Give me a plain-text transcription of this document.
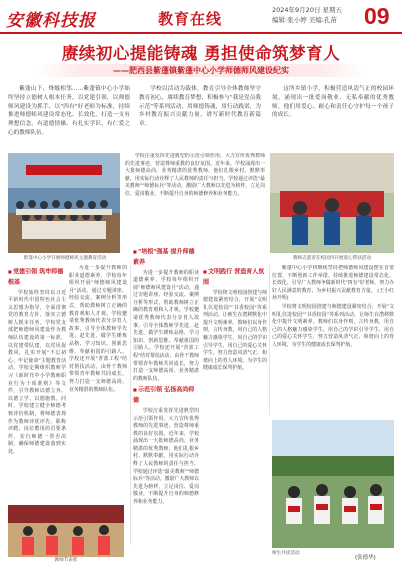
安徽科技报	教育在线	2024年9月20日 星期五
编辑:张小婷 美编:孔苗 09
赓续初心提能铸魂 勇担使命筑梦育人
——肥西县紫蓬镇紫蓬中心小学师德师风建设纪实
紫蓬山下，烽燧相邻……紫蓬镇中心小学始终坚持立德树人根本任务，以党建引领，以师德师风建设为抓手，以"四有"好老师为标准，持续推进师德师风建设常态化、长效化，打造一支有理想信念、有道德情操、有扎实学识、有仁爱之心的教师队伍。
学校以活动为载体，教育引导全体教师坚守教育初心，赓续教育梦想，积极参与"我是党员我示范"等系列活动，用师德铸魂，用行动践诺，为乡村教育振兴贡献力量，谱写新时代教育新篇章。
这所乡镇小学，积极营造风清气正的校园环境，涌现出一批爱岗敬业、无私奉献的优秀教师，他们用爱心、耐心和责任心守护每一个孩子的成长。
紫蓬中心小学开展师德师风主题教育活动	教师志愿者在校园内开展爱心帮扶活动
■ 党建引领 筑牢师德根基

学校始终坚持以习近平新时代中国特色社会主义思想为指导，全面贯彻党的教育方针，落实立德树人根本任务。学校党支部把师德师风建设作为教师队伍建设的第一标准，以党建带队建，以党风促教风，扎实开展"不忘初心、牢记使命"主题教育活动。学校定期组织教师学习《新时代中小学教师职业行为十项准则》等文件，引导教师以德立身、以德立学、以德施教。同时，学校建立健全师德考核评价机制，将师德表现作为教师评优评先、职称评聘、岗位聘用的首要条件，实行师德一票否决制，确保师德建设落到实处。

为进一步提升教师的职业道德素养，学校每年组织开展"师德师风建设月"活动，通过专题讲座、经验交流、案例分析等形式，帮助教师树立正确的教育观和人才观。学校邀请优秀教师代表分享育人故事，引导全体教师学先进、赶先进，做学生锤炼品格、学习知识、创新思维、奉献祖国的引路人。学校还开展"青蓝工程"结对帮扶活动，由骨干教师带领青年教师共同成长，努力打造一支师德高尚、业务精湛的教师队伍。

学校注重发挥先进典型的示范引领作用，大力宣传优秀教师的先进事迹，营造尊师重教的良好氛围。近年来，学校涌现出一大批师德高尚、业务精湛的优秀教师，他们扎根乡村、默默奉献，用实际行动诠释了人民教师的责任与担当。学校通过评选"最美教师""师德标兵"等活动，激励广大教师以先进为榜样，立足岗位、爱岗敬业，不断提升自身的师德修养和业务能力。

■ "培根"强基 提升师德素养

为进一步提升教师的职业道德素养，学校每年组织开展"师德师风建设月"活动，通过专题讲座、经验交流、案例分析等形式，帮助教师树立正确的教育观和人才观。学校邀请优秀教师代表分享育人故事，引导全体教师学先进、赶先进，做学生锤炼品格、学习知识、创新思维、奉献祖国的引路人。学校还开展"青蓝工程"结对帮扶活动，由骨干教师带领青年教师共同成长，努力打造一支师德高尚、业务精湛的教师队伍。

■ 示范引领 弘扬高尚师德

学校注重发挥先进典型的示范引领作用，大力宣传优秀教师的先进事迹，营造尊师重教的良好氛围。近年来，学校涌现出一大批师德高尚、业务精湛的优秀教师，他们扎根乡村、默默奉献，用实际行动诠释了人民教师的责任与担当。学校通过评选"最美教师""师德标兵"等活动，激励广大教师以先进为榜样，立足岗位、爱岗敬业，不断提升自身的师德修养和业务能力。

■ 文明践行 营造育人氛围

学校将文明校园创建与师德建设紧密结合，开展"文明礼仪进校园""书香校园"等系列活动，让师生在潜移默化中提升文明素养。教师们以身作则，言传身教，用自己的人格魅力感染学生，用自己的学识引导学生，用自己的爱心关怀学生，努力营造风清气正、和谐向上的育人环境，为学生的健康成长保驾护航。

紫蓬中心小学将继续坚持把师德师风建设摆在首要位置，不断创新工作举措，持续推进师德建设常态化、长效化，引导广大教师争做新时代"四有"好老师，努力办好人民满意的教育，为乡村振兴贡献教育力量。 (王小红 孙开明)

学校将文明校园创建与师德建设紧密结合，开展"文明礼仪进校园""书香校园"等系列活动，让师生在潜移默化中提升文明素养。教师们以身作则，言传身教，用自己的人格魅力感染学生，用自己的学识引导学生，用自己的爱心关怀学生，努力营造风清气正、和谐向上的育人环境，为学生的健康成长保驾护航。

教师节表彰
师生共读活动
(张德华)
